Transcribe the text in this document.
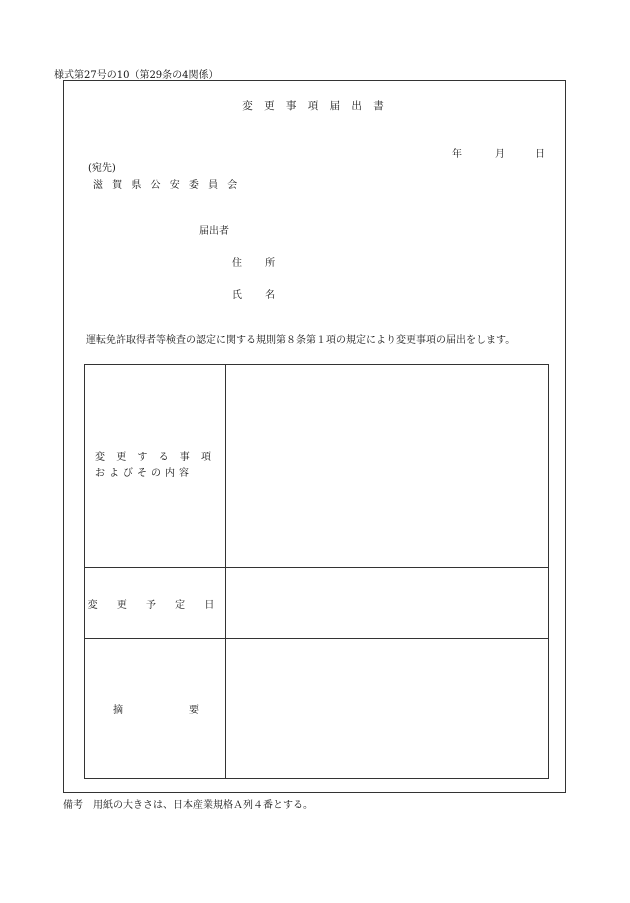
様式第27号の10（第29条の4関係）
変 更 事 項 届 出 書
年	月	日
(宛先)
滋 賀 県 公 安 委 員 会
届出者
住 所
氏 名
運転免許取得者等検査の認定に関する規則第８条第１項の規定により変更事項の届出をします。
変 更 す る 事 項
およびその内容	
変 更 予 定 日	

摘 要	

備考　用紙の大きさは、日本産業規格Ａ列４番とする。
